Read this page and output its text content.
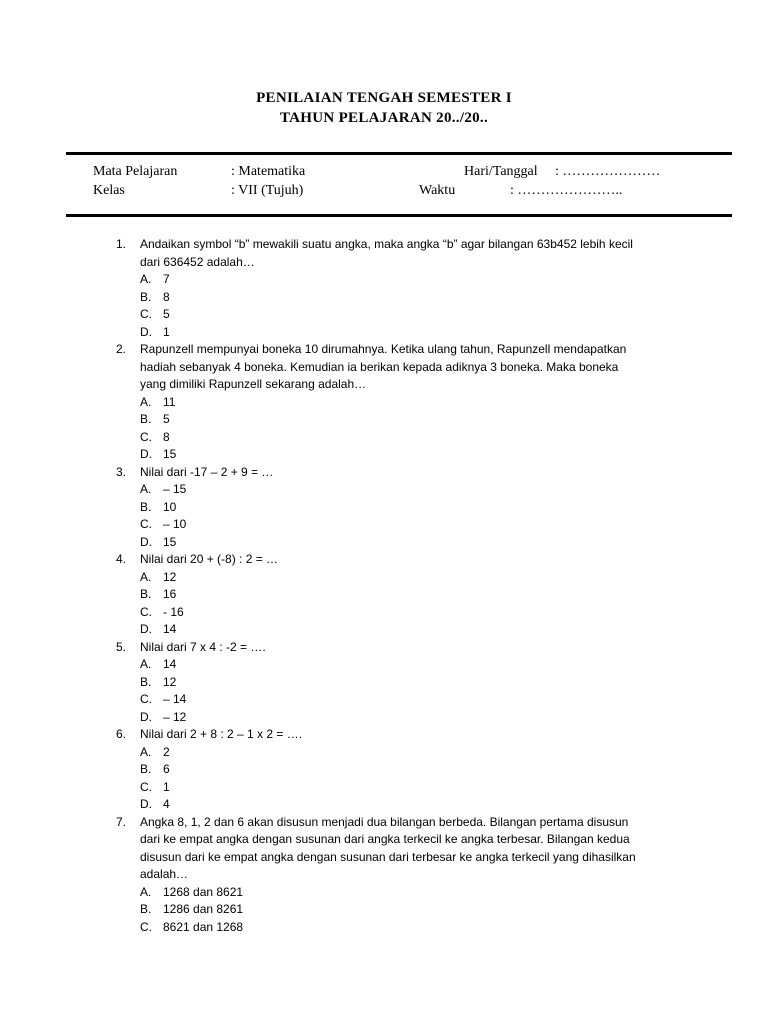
PENILAIAN TENGAH SEMESTER I
TAHUN PELAJARAN 20../20..
Mata Pelajaran	: Matematika	Hari/Tanggal : …………………
Kelas	: VII (Tujuh)	Waktu	: …………………..
1.	Andaikan symbol “b” mewakili suatu angka, maka angka “b” agar bilangan 63b452 lebih kecil
dari 636452 adalah…
A. 7
B. 8
C. 5
D. 1
2.	Rapunzell mempunyai boneka 10 dirumahnya. Ketika ulang tahun, Rapunzell mendapatkan
hadiah sebanyak 4 boneka. Kemudian ia berikan kepada adiknya 3 boneka. Maka boneka
yang dimiliki Rapunzell sekarang adalah…
A. 11
B. 5
C. 8
D. 15
3.	Nilai dari -17 – 2 + 9 = …
A. – 15
B. 10
C. – 10
D. 15
4.	Nilai dari 20 + (-8) : 2 = …
A. 12
B. 16
C. - 16
D. 14
5.	Nilai dari 7 x 4 : -2 = ….
A. 14
B. 12
C. – 14
D. – 12
6.	Nilai dari 2 + 8 : 2 – 1 x 2 = ….
A. 2
B. 6
C. 1
D. 4
7.	Angka 8, 1, 2 dan 6 akan disusun menjadi dua bilangan berbeda. Bilangan pertama disusun
dari ke empat angka dengan susunan dari angka terkecil ke angka terbesar. Bilangan kedua
disusun dari ke empat angka dengan susunan dari terbesar ke angka terkecil yang dihasilkan
adalah…
A. 1268 dan 8621
B. 1286 dan 8261
C. 8621 dan 1268
